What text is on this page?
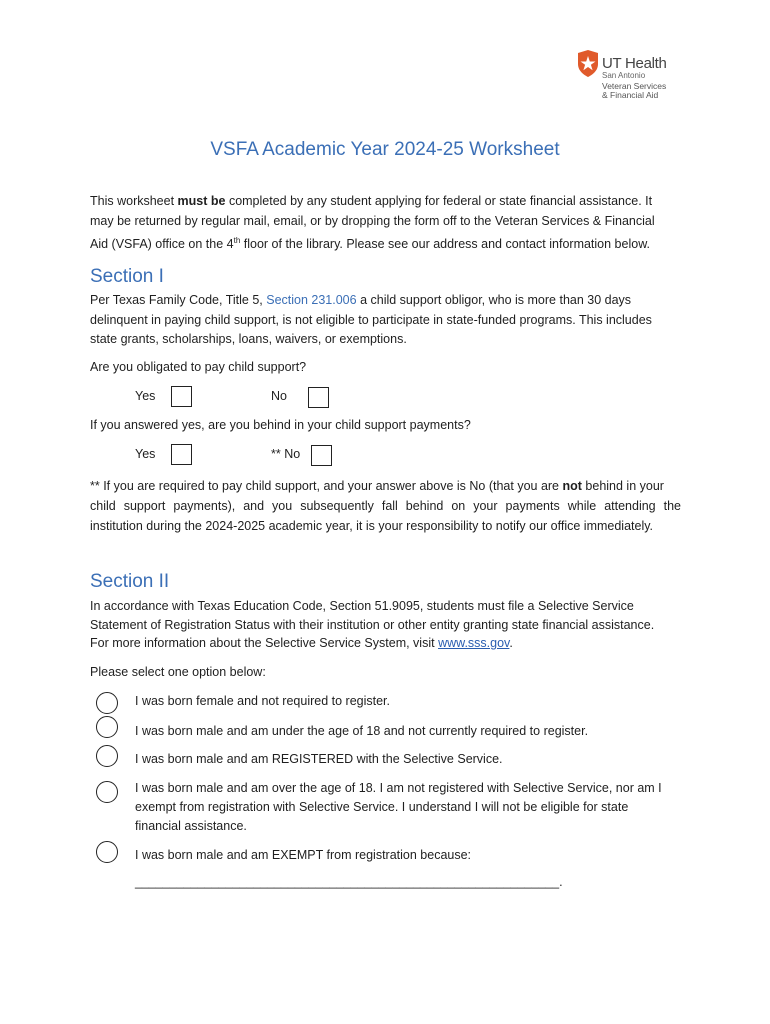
UT Health
San Antonio
Veteran Services & Financial Aid
VSFA Academic Year 2024-25 Worksheet
This worksheet must be completed by any student applying for federal or state financial assistance. It
may be returned by regular mail, email, or by dropping the form off to the Veteran Services & Financial
Aid (VSFA) office on the 4th floor of the library. Please see our address and contact information below.
Section I
Per Texas Family Code, Title 5, Section 231.006 a child support obligor, who is more than 30 days
delinquent in paying child support, is not eligible to participate in state-funded programs. This includes
state grants, scholarships, loans, waivers, or exemptions.
Are you obligated to pay child support?
Yes	No
If you answered yes, are you behind in your child support payments?
Yes	** No
** If you are required to pay child support, and your answer above is No (that you are not behind in your
child support payments), and you subsequently fall behind on your payments while attending the
institution during the 2024-2025 academic year, it is your responsibility to notify our office immediately.
Section II
In accordance with Texas Education Code, Section 51.9095, students must file a Selective Service
Statement of Registration Status with their institution or other entity granting state financial assistance.
For more information about the Selective Service System, visit www.sss.gov.
Please select one option below:
I was born female and not required to register.
I was born male and am under the age of 18 and not currently required to register.
I was born male and am REGISTERED with the Selective Service.
I was born male and am over the age of 18. I am not registered with Selective Service, nor am I
exempt from registration with Selective Service. I understand I will not be eligible for state
financial assistance.
I was born male and am EXEMPT from registration because:
_____________________________________________________________.
